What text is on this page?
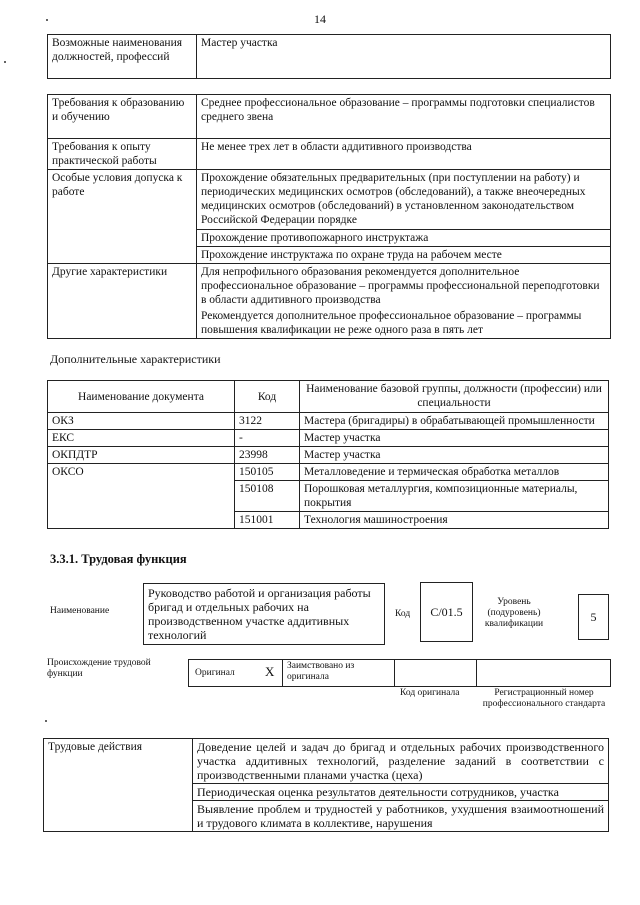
14
Возможные наименования должностей, профессий	Мастер участка
Требования к образованию и обучению	Среднее профессиональное образование – программы подготовки специалистов среднего звена
Требования к опыту практической работы	Не менее трех лет в области аддитивного производства
Особые условия допуска к работе	Прохождение обязательных предварительных (при поступлении на работу) и периодических медицинских осмотров (обследований), а также внеочередных медицинских осмотров (обследований) в установленном законодательством Российской Федерации порядке
	Прохождение противопожарного инструктажа
	Прохождение инструктажа по охране труда на рабочем месте
Другие характеристики	Для непрофильного образования рекомендуется дополнительное профессиональное образование – программы профессиональной переподготовки в области аддитивного производства
	Рекомендуется дополнительное профессиональное образование – программы повышения квалификации не реже одного раза в пять лет
Дополнительные характеристики
Наименование документа	Код	Наименование базовой группы, должности (профессии) или специальности
ОКЗ	3122	Мастера (бригадиры) в обрабатывающей промышленности
ЕКС	-	Мастер участка
ОКПДТР	23998	Мастер участка
ОКСО	150105	Металловедение и термическая обработка металлов
	150108	Порошковая металлургия, композиционные материалы, покрытия
	151001	Технология машиностроения
3.3.1. Трудовая функция
Наименование
Руководство работой и организация работы бригад и отдельных рабочих на производственном участке аддитивных технологий
Код	C/01.5
Уровень (подуровень) квалификации	5
Происхождение трудовой функции	Оригинал X Заимствовано из оригинала
Код оригинала	Регистрационный номер профессионального стандарта
Трудовые действия	Доведение целей и задач до бригад и отдельных рабочих производственного участка аддитивных технологий, разделение заданий в соответствии с производственными планами участка (цеха)
Периодическая оценка результатов деятельности сотрудников, участка
Выявление проблем и трудностей у работников, ухудшения взаимоотношений и трудового климата в коллективе, нарушения
